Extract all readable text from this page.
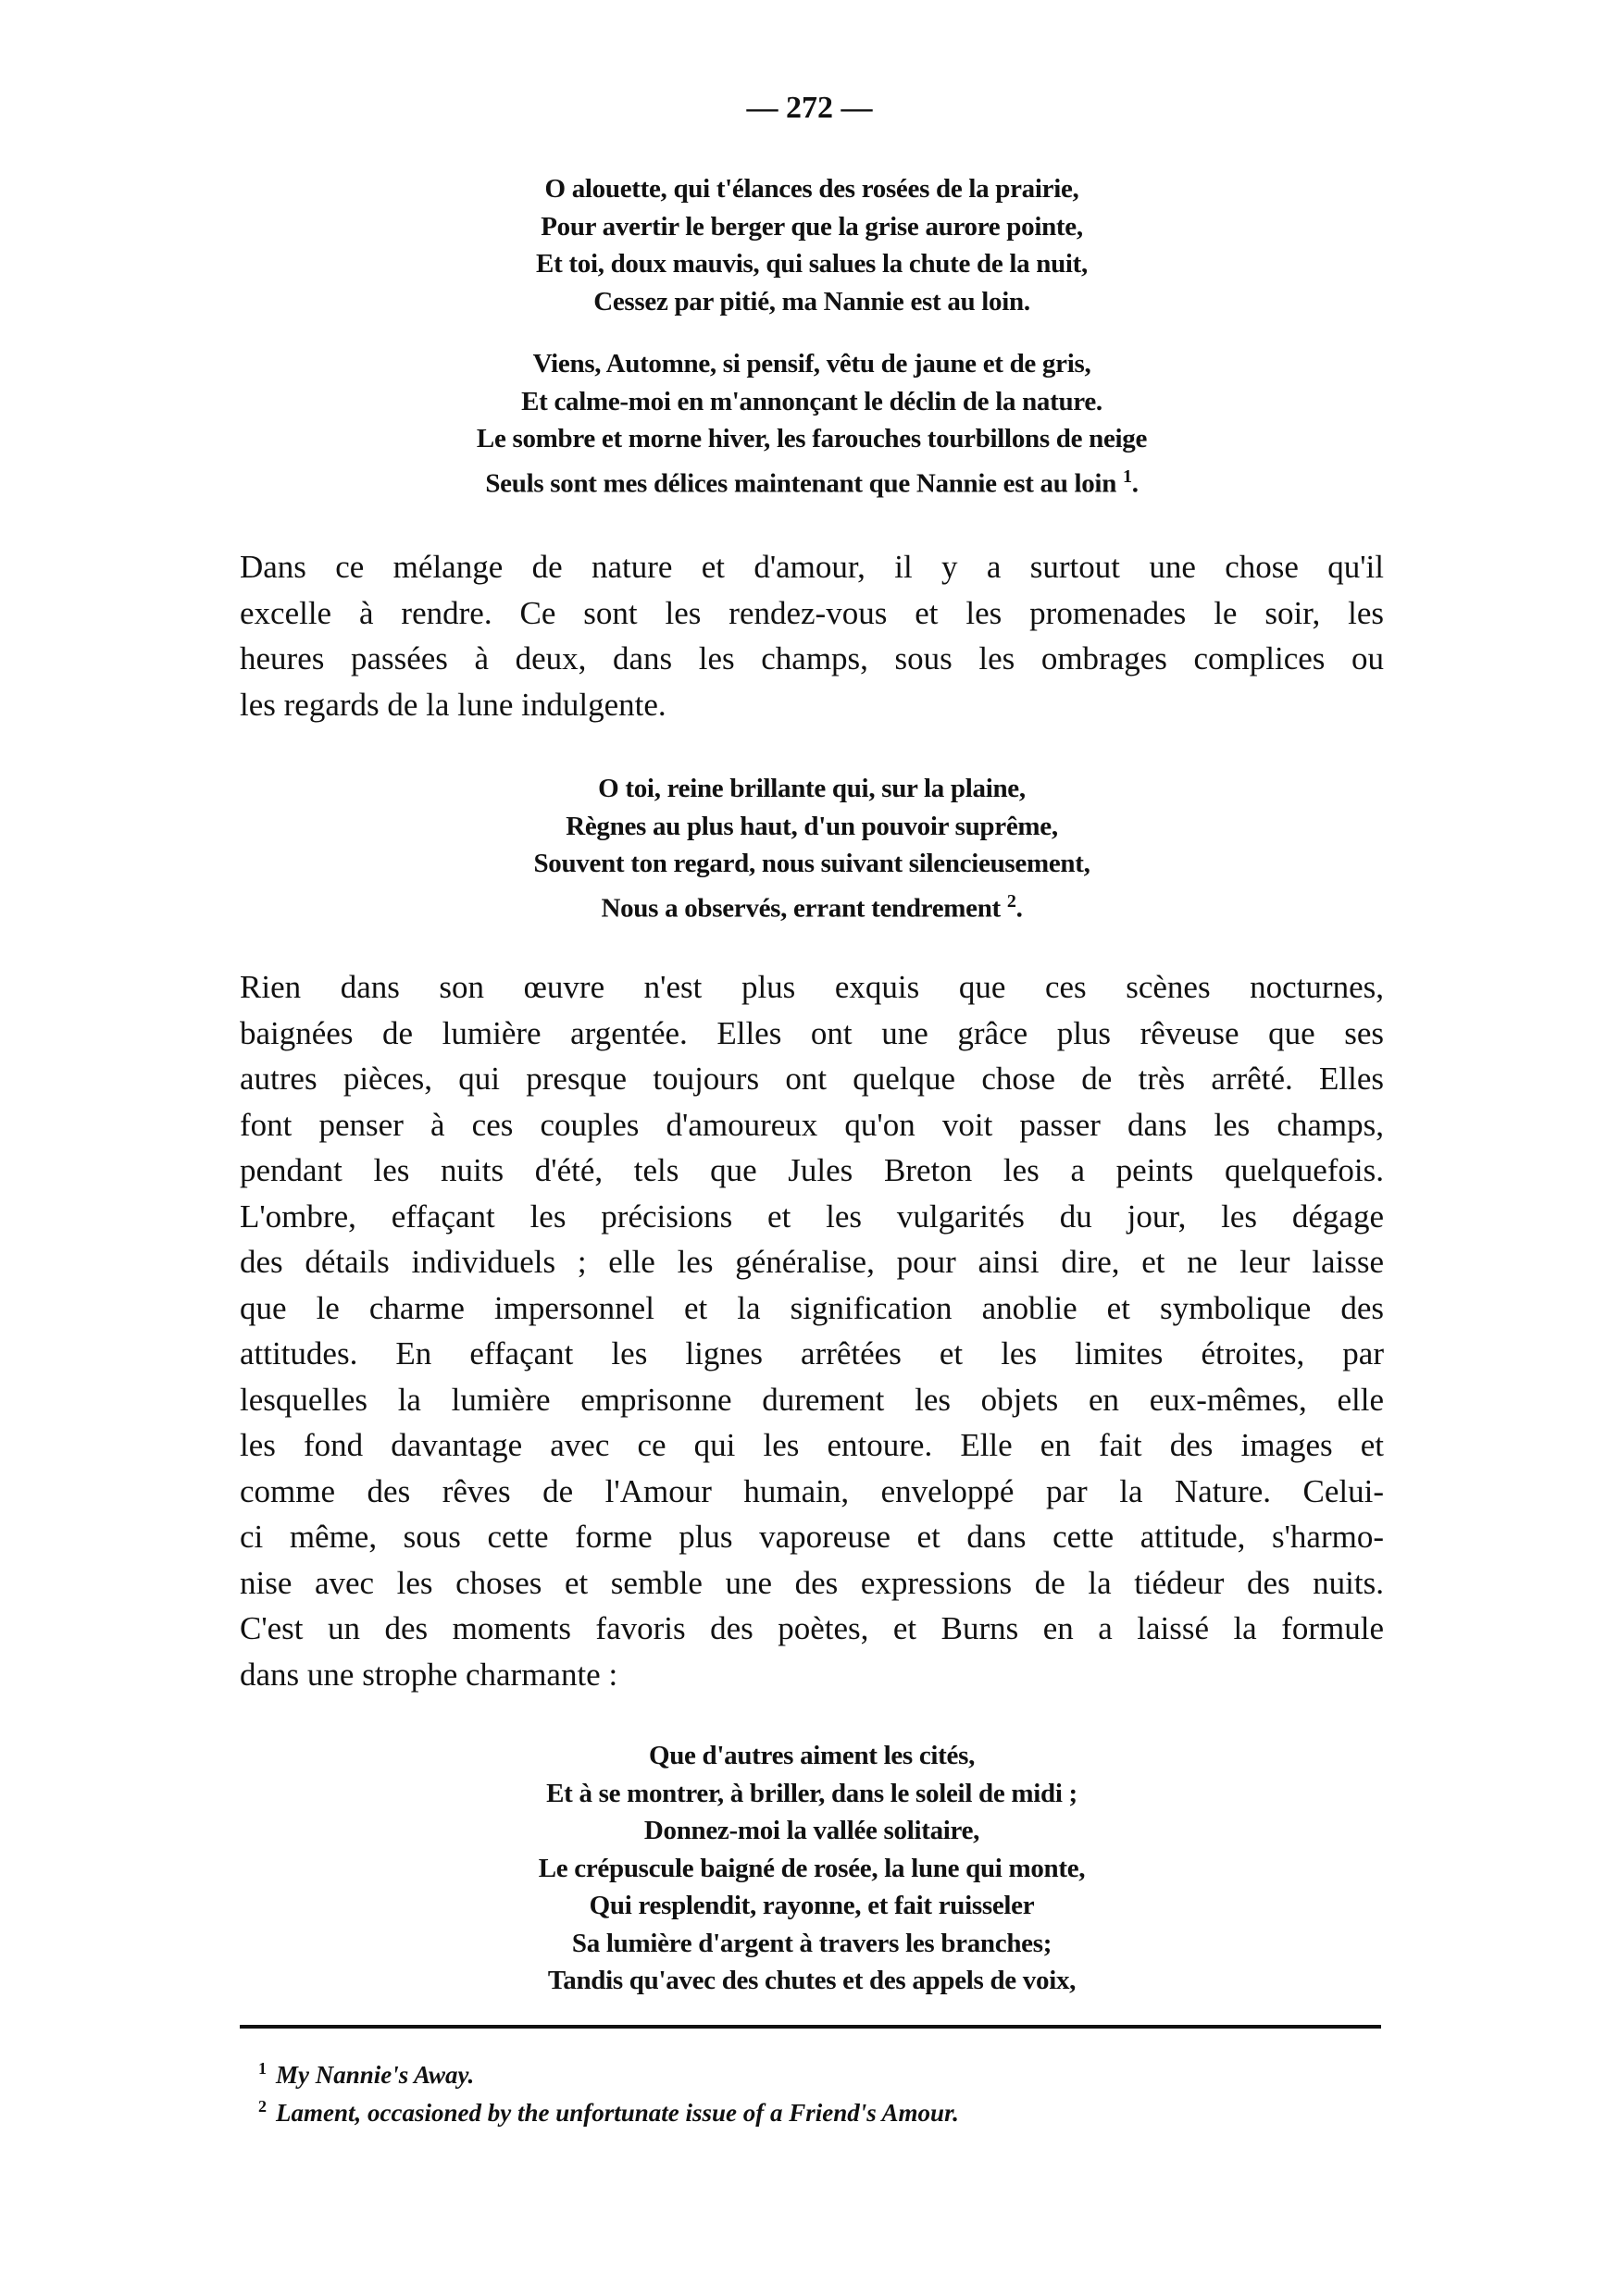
— 272 —
O alouette, qui t'élances des rosées de la prairie,
Pour avertir le berger que la grise aurore pointe,
Et toi, doux mauvis, qui salues la chute de la nuit,
Cessez par pitié, ma Nannie est au loin.
Viens, Automne, si pensif, vêtu de jaune et de gris,
Et calme-moi en m'annonçant le déclin de la nature.
Le sombre et morne hiver, les farouches tourbillons de neige
Seuls sont mes délices maintenant que Nannie est au loin $^1$.
Dans ce mélange de nature et d'amour, il y a surtout une chose qu'il
excelle à rendre. Ce sont les rendez-vous et les promenades le soir, les
heures passées à deux, dans les champs, sous les ombrages complices ou
les regards de la lune indulgente.
O toi, reine brillante qui, sur la plaine,
Règnes au plus haut, d'un pouvoir suprême,
Souvent ton regard, nous suivant silencieusement,
Nous a observés, errant tendrement $^2$.
Rien dans son œuvre n'est plus exquis que ces scènes nocturnes,
baignées de lumière argentée. Elles ont une grâce plus rêveuse que ses
autres pièces, qui presque toujours ont quelque chose de très arrêté. Elles
font penser à ces couples d'amoureux qu'on voit passer dans les champs,
pendant les nuits d'été, tels que Jules Breton les a peints quelquefois.
L'ombre, effaçant les précisions et les vulgarités du jour, les dégage
des détails individuels ; elle les généralise, pour ainsi dire, et ne leur laisse
que le charme impersonnel et la signification anoblie et symbolique des
attitudes. En effaçant les lignes arrêtées et les limites étroites, par
lesquelles la lumière emprisonne durement les objets en eux-mêmes, elle
les fond davantage avec ce qui les entoure. Elle en fait des images et
comme des rêves de l'Amour humain, enveloppé par la Nature. Celui-
ci même, sous cette forme plus vaporeuse et dans cette attitude, s'harmo-
nise avec les choses et semble une des expressions de la tiédeur des nuits.
C'est un des moments favoris des poètes, et Burns en a laissé la formule
dans une strophe charmante :
Que d'autres aiment les cités,
Et à se montrer, à briller, dans le soleil de midi ;
Donnez-moi la vallée solitaire,
Le crépuscule baigné de rosée, la lune qui monte,
Qui resplendit, rayonne, et fait ruisseler
Sa lumière d'argent à travers les branches;
Tandis qu'avec des chutes et des appels de voix,
$^1$ My Nannie's Away.
$^2$ Lament, occasioned by the unfortunate issue of a Friend's Amour.
